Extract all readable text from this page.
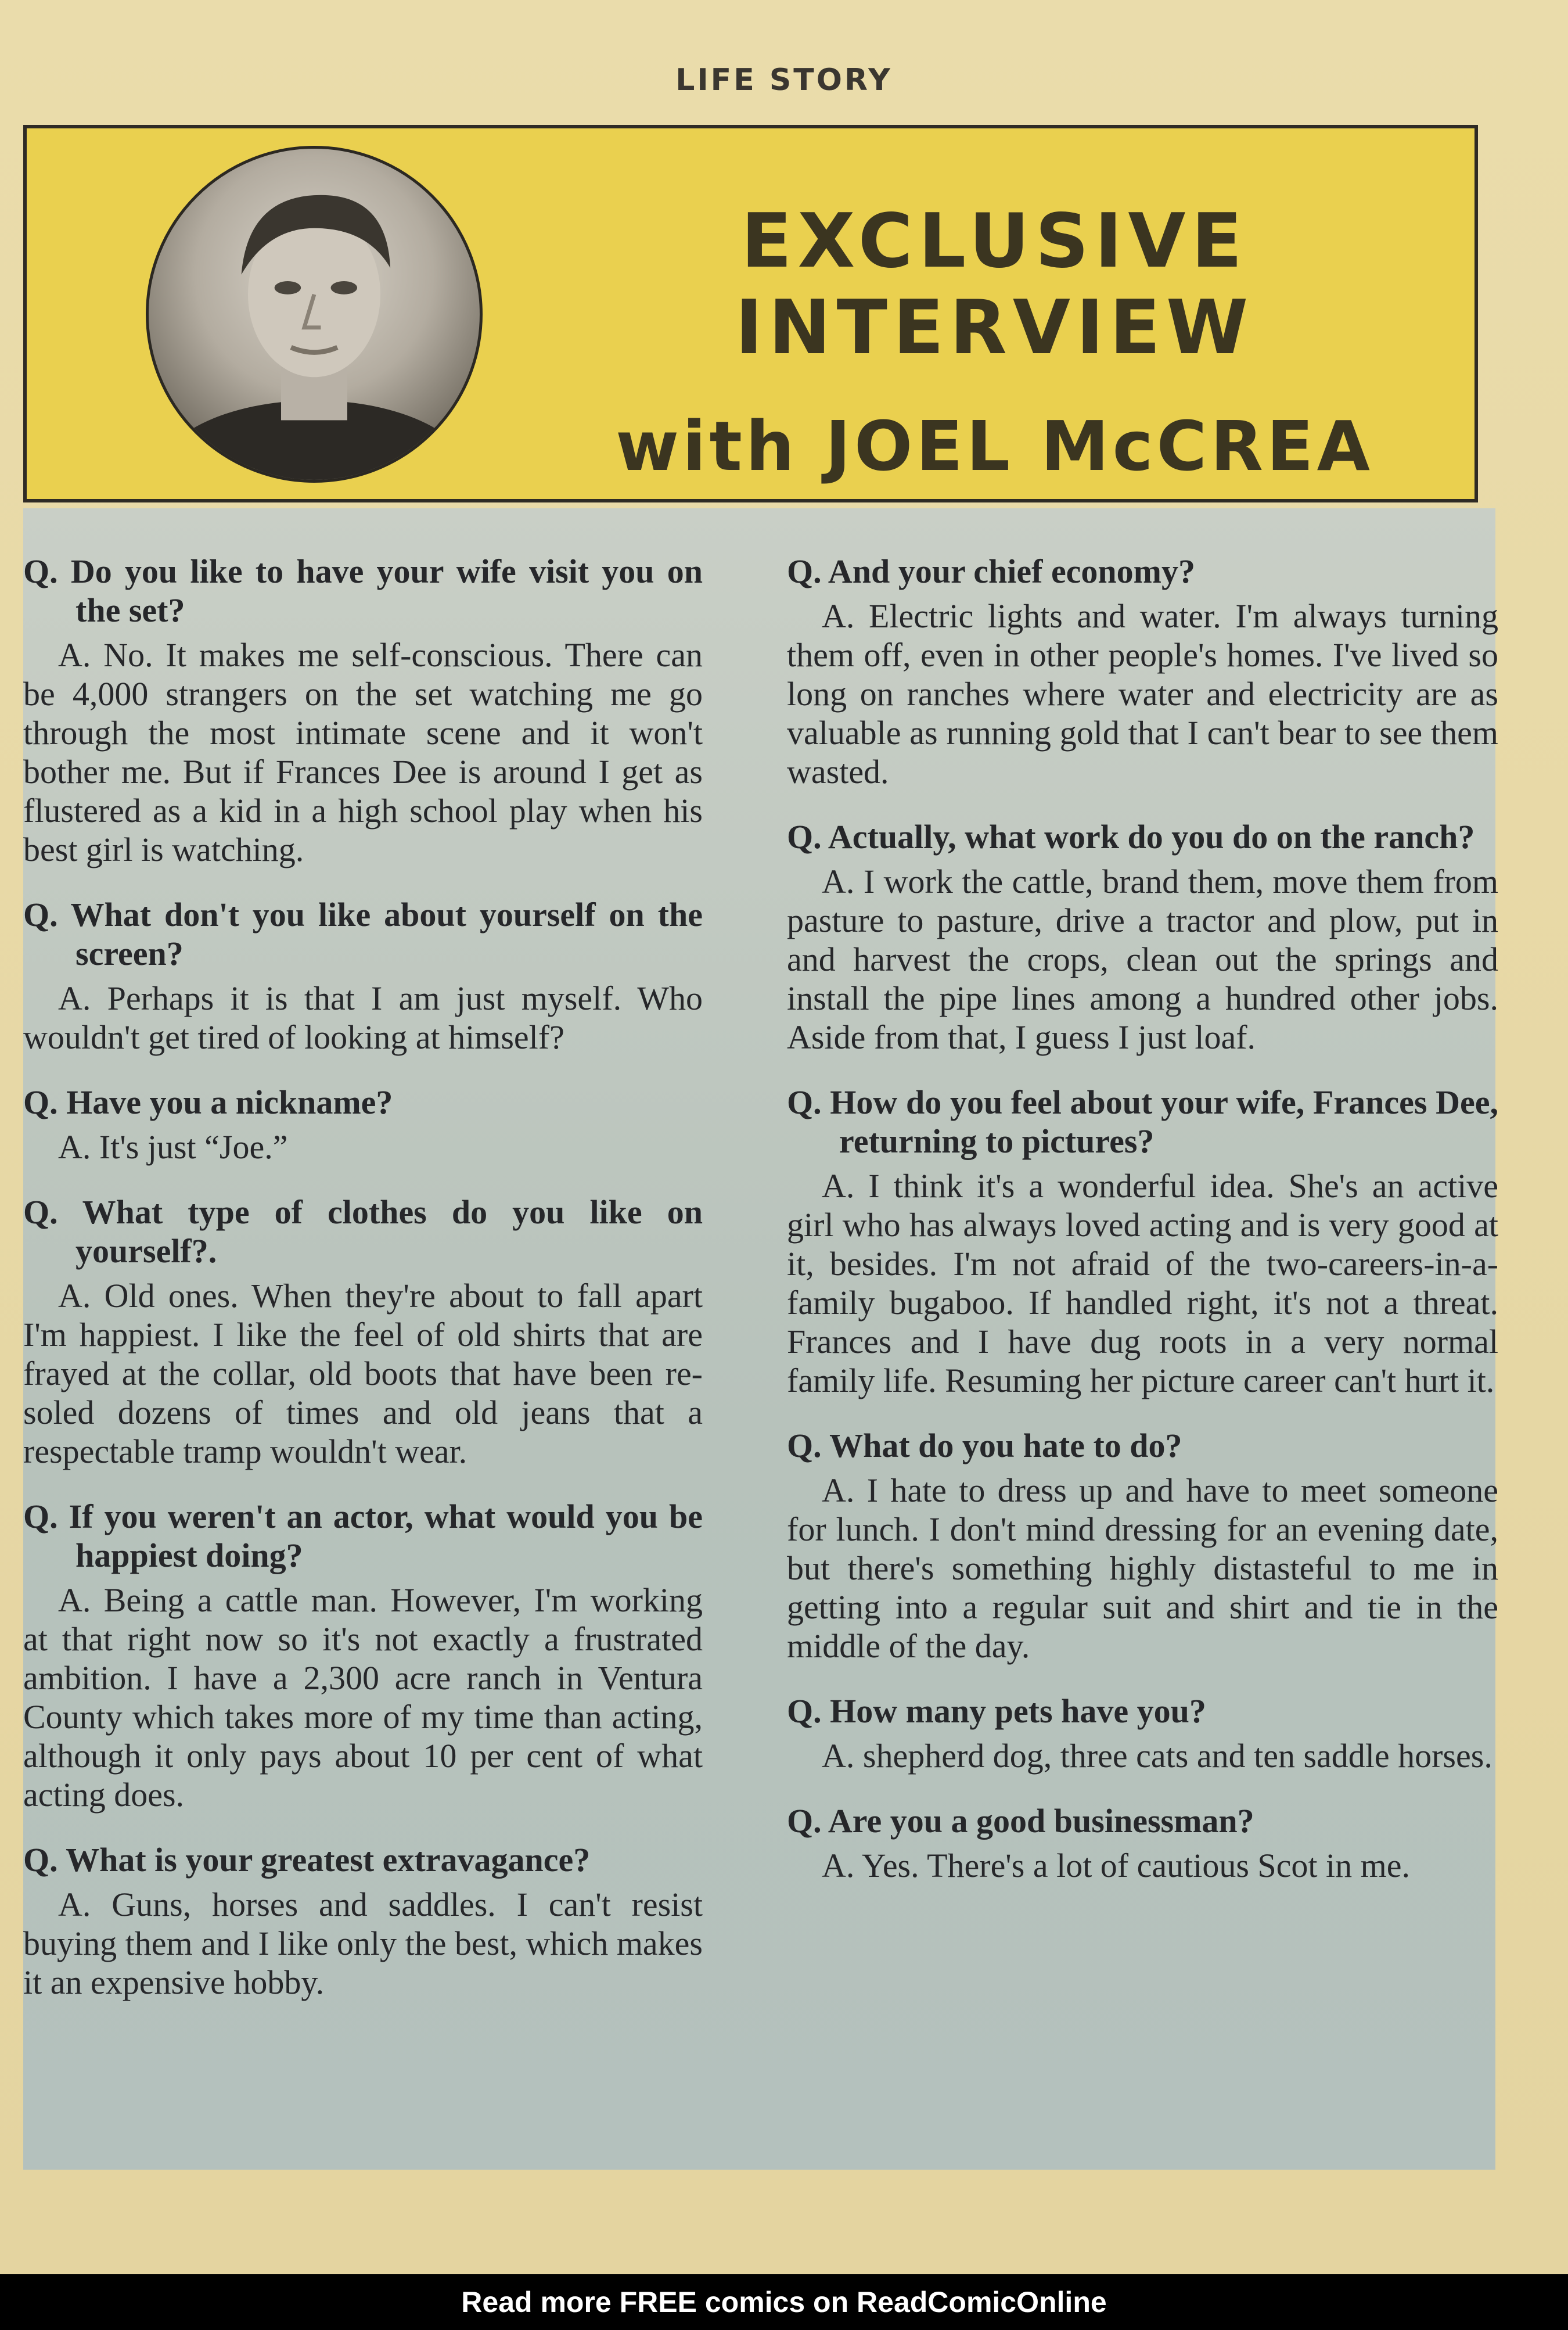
LIFE STORY
EXCLUSIVE INTERVIEW
with JOEL McCREA
Q. Do you like to have your wife visit you on the set?
A. No. It makes me self-conscious. There can be 4,000 strangers on the set watching me go through the most intimate scene and it won't bother me. But if Frances Dee is around I get as flustered as a kid in a high school play when his best girl is watching.
Q. What don't you like about yourself on the screen?
A. Perhaps it is that I am just myself. Who wouldn't get tired of looking at himself?
Q. Have you a nickname?
A. It's just “Joe.”
Q. What type of clothes do you like on yourself?.
A. Old ones. When they're about to fall apart I'm happiest. I like the feel of old shirts that are frayed at the collar, old boots that have been re-soled dozens of times and old jeans that a respectable tramp wouldn't wear.
Q. If you weren't an actor, what would you be happiest doing?
A. Being a cattle man. However, I'm working at that right now so it's not exactly a frustrated ambition. I have a 2,300 acre ranch in Ventura County which takes more of my time than acting, although it only pays about 10 per cent of what acting does.
Q. What is your greatest extravagance?
A. Guns, horses and saddles. I can't resist buying them and I like only the best, which makes it an expensive hobby.
Q. And your chief economy?
A. Electric lights and water. I'm always turning them off, even in other people's homes. I've lived so long on ranches where water and electricity are as valuable as running gold that I can't bear to see them wasted.
Q. Actually, what work do you do on the ranch?
A. I work the cattle, brand them, move them from pasture to pasture, drive a tractor and plow, put in and harvest the crops, clean out the springs and install the pipe lines among a hundred other jobs. Aside from that, I guess I just loaf.
Q. How do you feel about your wife, Frances Dee, returning to pictures?
A. I think it's a wonderful idea. She's an active girl who has always loved acting and is very good at it, besides. I'm not afraid of the two-careers-in-a-family bugaboo. If handled right, it's not a threat. Frances and I have dug roots in a very normal family life. Resuming her picture career can't hurt it.
Q. What do you hate to do?
A. I hate to dress up and have to meet someone for lunch. I don't mind dressing for an evening date, but there's something highly distasteful to me in getting into a regular suit and shirt and tie in the middle of the day.
Q. How many pets have you?
A. shepherd dog, three cats and ten saddle horses.
Q. Are you a good businessman?
A. Yes. There's a lot of cautious Scot in me.
Read more FREE comics on ReadComicOnline
